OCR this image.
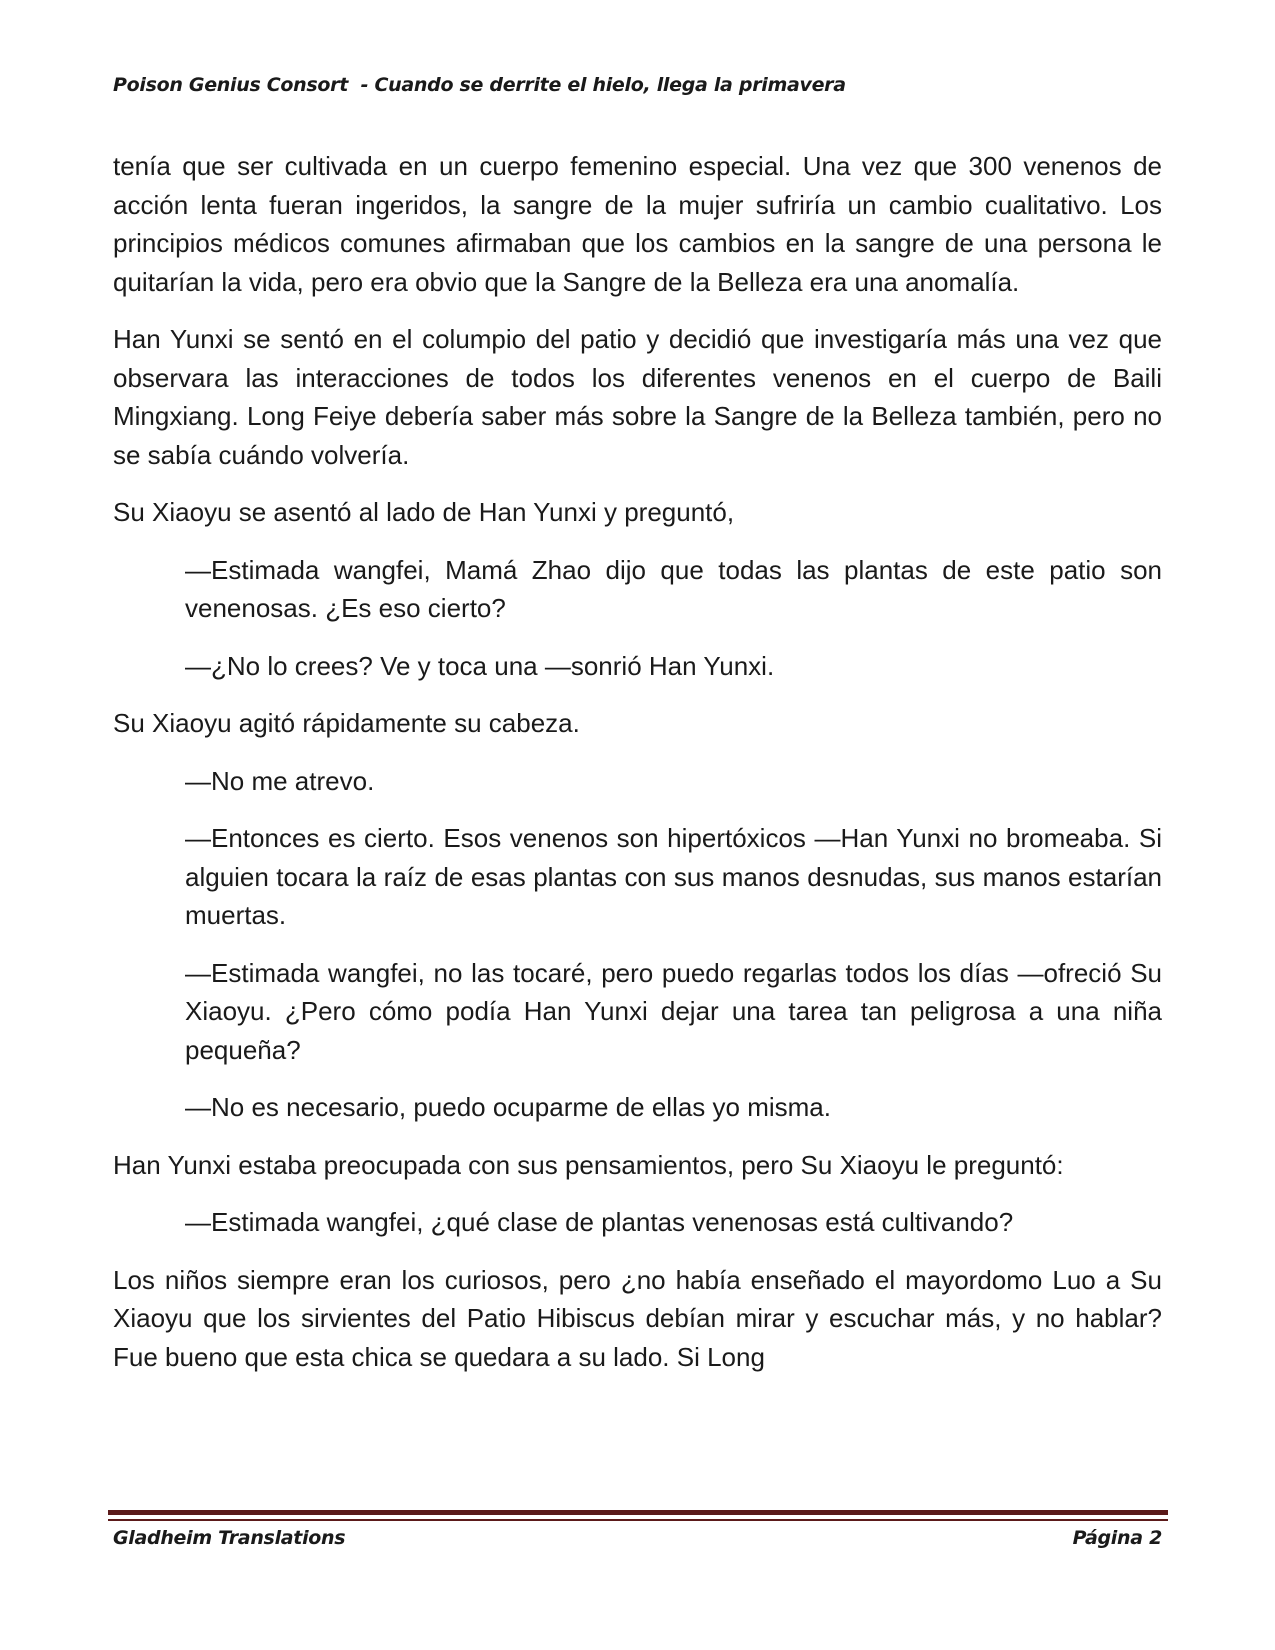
Poison Genius Consort  - Cuando se derrite el hielo, llega la primavera

tenía que ser cultivada en un cuerpo femenino especial. Una vez que 300 venenos de acción lenta fueran ingeridos, la sangre de la mujer sufriría un cambio cualitativo. Los principios médicos comunes afirmaban que los cambios en la sangre de una persona le quitarían la vida, pero era obvio que la Sangre de la Belleza era una anomalía.

Han Yunxi se sentó en el columpio del patio y decidió que investigaría más una vez que observara las interacciones de todos los diferentes venenos en el cuerpo de Baili Mingxiang. Long Feiye debería saber más sobre la Sangre de la Belleza también, pero no se sabía cuándo volvería.

Su Xiaoyu se asentó al lado de Han Yunxi y preguntó,

—Estimada wangfei, Mamá Zhao dijo que todas las plantas de este patio son venenosas. ¿Es eso cierto?

—¿No lo crees? Ve y toca una —sonrió Han Yunxi.

Su Xiaoyu agitó rápidamente su cabeza.

—No me atrevo.

—Entonces es cierto. Esos venenos son hipertóxicos —Han Yunxi no bromeaba. Si alguien tocara la raíz de esas plantas con sus manos desnudas, sus manos estarían muertas.

—Estimada wangfei, no las tocaré, pero puedo regarlas todos los días —ofreció Su Xiaoyu. ¿Pero cómo podía Han Yunxi dejar una tarea tan peligrosa a una niña pequeña?

—No es necesario, puedo ocuparme de ellas yo misma.

Han Yunxi estaba preocupada con sus pensamientos, pero Su Xiaoyu le preguntó:

—Estimada wangfei, ¿qué clase de plantas venenosas está cultivando?

Los niños siempre eran los curiosos, pero ¿no había enseñado el mayordomo Luo a Su Xiaoyu que los sirvientes del Patio Hibiscus debían mirar y escuchar más, y no hablar? Fue bueno que esta chica se quedara a su lado. Si Long

Gladheim Translations	Página 2
